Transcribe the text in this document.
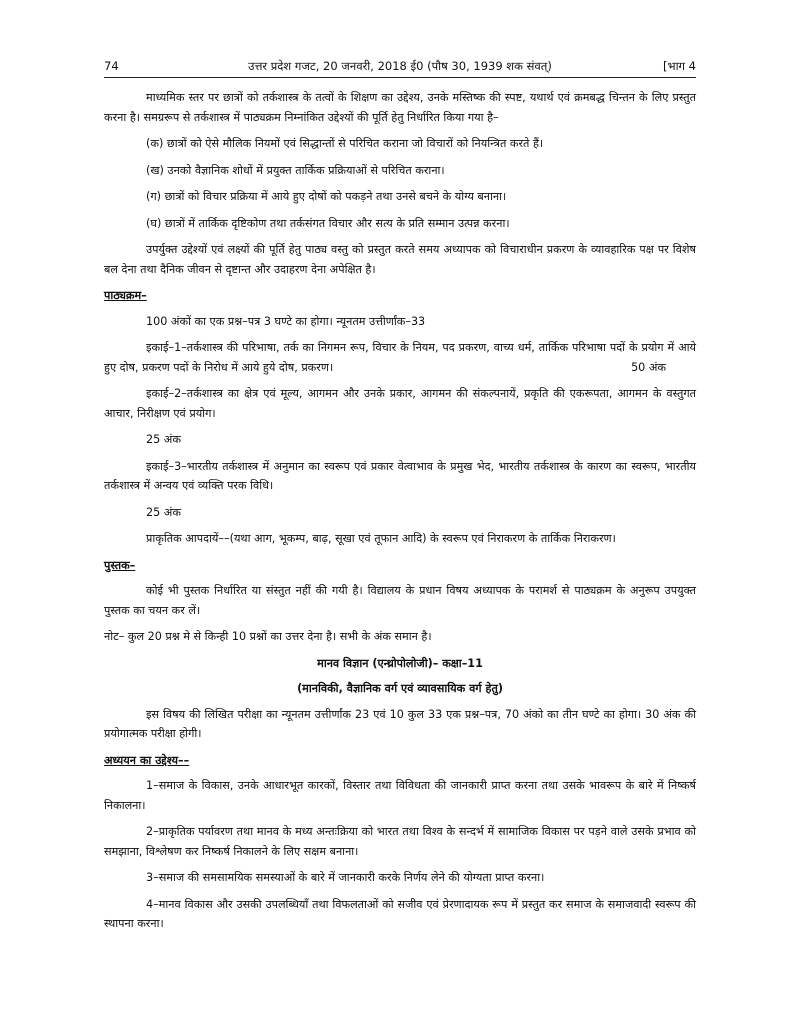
74	उत्तर प्रदेश गजट, 20 जनवरी, 2018 ई0 (पौष 30, 1939 शक संवत्)	[भाग 4

माध्यमिक स्तर पर छात्रों को तर्कशास्त्र के तत्वों के शिक्षण का उद्देश्य, उनके मस्तिष्क की स्पष्ट, यथार्थ एवं क्रमबद्ध चिन्तन के लिए प्रस्तुत करना है। समग्ररूप से तर्कशास्त्र में पाठ्यक्रम निम्नांकित उद्देश्यों की पूर्ति हेतु निर्धारित किया गया है–

(क) छात्रों को ऐसे मौलिक नियमों एवं सिद्धान्तों से परिचित कराना जो विचारों को नियन्त्रित करते हैं।

(ख) उनको वैज्ञानिक शोधों में प्रयुक्त तार्किक प्रक्रियाओं से परिचित कराना।

(ग) छात्रों को विचार प्रक्रिया में आये हुए दोषों को पकड़ने तथा उनसे बचने के योग्य बनाना।

(घ) छात्रों में तार्किक दृष्टिकोण तथा तर्कसंगत विचार और सत्य के प्रति सम्मान उत्पन्न करना।

उपर्युक्त उद्देश्यों एवं लक्ष्यों की पूर्ति हेतु पाठ्य वस्तु को प्रस्तुत करते समय अध्यापक को विचाराधीन प्रकरण के व्यावहारिक पक्ष पर विशेष बल देना तथा दैनिक जीवन से दृष्टान्त और उदाहरण देना अपेक्षित है।

पाठ्यक्रम–

100 अंकों का एक प्रश्न–पत्र 3 घण्टे का होगा। न्यूनतम उत्तीर्णांक–33

इकाई–1–तर्कशास्त्र की परिभाषा, तर्क का निगमन रूप, विचार के नियम, पद प्रकरण, वाच्य धर्म, तार्किक परिभाषा पदों के प्रयोग में आये हुए दोष, प्रकरण पदों के निरोध में आये हुये दोष, प्रकरण।	50 अंक

इकाई–2–तर्कशास्त्र का क्षेत्र एवं मूल्य, आगमन और उनके प्रकार, आगमन की संकल्पनायें, प्रकृति की एकरूपता, आगमन के वस्तुगत आचार, निरीक्षण एवं प्रयोग।

25 अंक

इकाई–3–भारतीय तर्कशास्त्र में अनुमान का स्वरूप एवं प्रकार वेत्वाभाव के प्रमुख भेद, भारतीय तर्कशास्त्र के कारण का स्वरूप, भारतीय तर्कशास्त्र में अन्वय एवं व्यक्ति परक विधि।

25 अंक

प्राकृतिक आपदायें––(यथा आग, भूकम्प, बाढ़, सूखा एवं तूफान आदि) के स्वरूप एवं निराकरण के तार्किक निराकरण।

पुस्तक–

कोई भी पुस्तक निर्धारित या संस्तुत नहीं की गयी है। विद्यालय के प्रधान विषय अध्यापक के परामर्श से पाठ्यक्रम के अनुरूप उपयुक्त पुस्तक का चयन कर लें।

नोट– कुल 20 प्रश्न मे से किन्ही 10 प्रश्नों का उत्तर देना है। सभी के अंक समान है।

मानव विज्ञान (एन्थ्रोपोलोजी)– कक्षा–11

(मानविकी, वैज्ञानिक वर्ग एवं व्यावसायिक वर्ग हेतु)

इस विषय की लिखित परीक्षा का न्यूनतम उत्तीर्णांक 23 एवं 10 कुल 33 एक प्रश्न–पत्र, 70 अंको का तीन घण्टे का होगा। 30 अंक की प्रयोगात्मक परीक्षा होगी।

अध्ययन का उद्देश्य––

1–समाज के विकास, उनके आधारभूत कारकों, विस्तार तथा विविधता की जानकारी प्राप्त करना तथा उसके भावरूप के बारे में निष्कर्ष निकालना।

2–प्राकृतिक पर्यावरण तथा मानव के मध्य अन्तःक्रिया को भारत तथा विश्व के सन्दर्भ में सामाजिक विकास पर पड़ने वाले उसके प्रभाव को समझाना, विश्लेषण कर निष्कर्ष निकालने के लिए सक्षम बनाना।

3–समाज की समसामयिक समस्याओं के बारे में जानकारी करके निर्णय लेने की योग्यता प्राप्त करना।

4–मानव विकास और उसकी उपलब्धियाँ तथा विफलताओं को सजीव एवं प्रेरणादायक रूप में प्रस्तुत कर समाज के समाजवादी स्वरूप की स्थापना करना।
